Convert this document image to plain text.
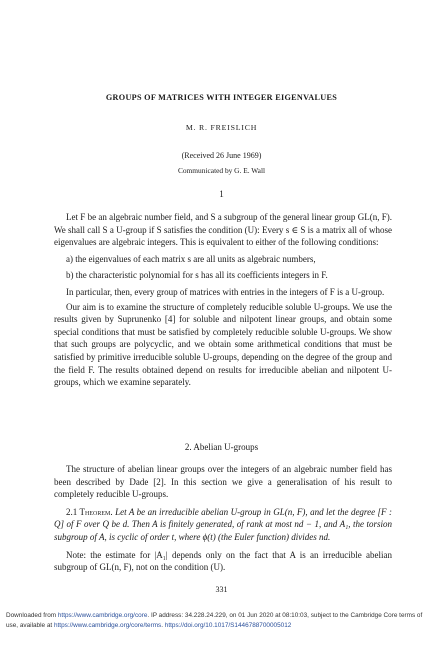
GROUPS OF MATRICES WITH INTEGER EIGENVALUES
M. R. FREISLICH
(Received 26 June 1969)
Communicated by G. E. Wall
1

Let F be an algebraic number field, and S a subgroup of the general linear group GL(n, F). We shall call S a U-group if S satisfies the condition (U): Every s ∈ S is a matrix all of whose eigenvalues are algebraic integers. This is equivalent to either of the following conditions:

a) the eigenvalues of each matrix s are all units as algebraic numbers,

b) the characteristic polynomial for s has all its coefficients integers in F.

In particular, then, every group of matrices with entries in the integers of F is a U-group.

Our aim is to examine the structure of completely reducible soluble U-groups. We use the results given by Suprunenko [4] for soluble and nilpotent linear groups, and obtain some special conditions that must be satisfied by completely reducible soluble U-groups. We show that such groups are polycyclic, and we obtain some arithmetical conditions that must be satisfied by primitive irreducible soluble U-groups, depending on the degree of the group and the field F. The results obtained depend on results for irreducible abelian and nilpotent U-groups, which we examine separately.

2. Abelian U-groups

The structure of abelian linear groups over the integers of an algebraic number field has been described by Dade [2]. In this section we give a generalisation of his result to completely reducible U-groups.

2.1 Theorem. Let A be an irreducible abelian U-group in GL(n, F), and let the degree [F : Q] of F over Q be d. Then A is finitely generated, of rank at most nd − 1, and A₁, the torsion subgroup of A, is cyclic of order t, where ϕ(t) (the Euler function) divides nd.

Note: the estimate for |A₁| depends only on the fact that A is an irreducible abelian subgroup of GL(n, F), not on the condition (U).

331
Downloaded from https://www.cambridge.org/core. IP address: 34.228.24.229, on 01 Jun 2020 at 08:10:03, subject to the Cambridge Core terms of
use, available at https://www.cambridge.org/core/terms. https://doi.org/10.1017/S1446788700005012
